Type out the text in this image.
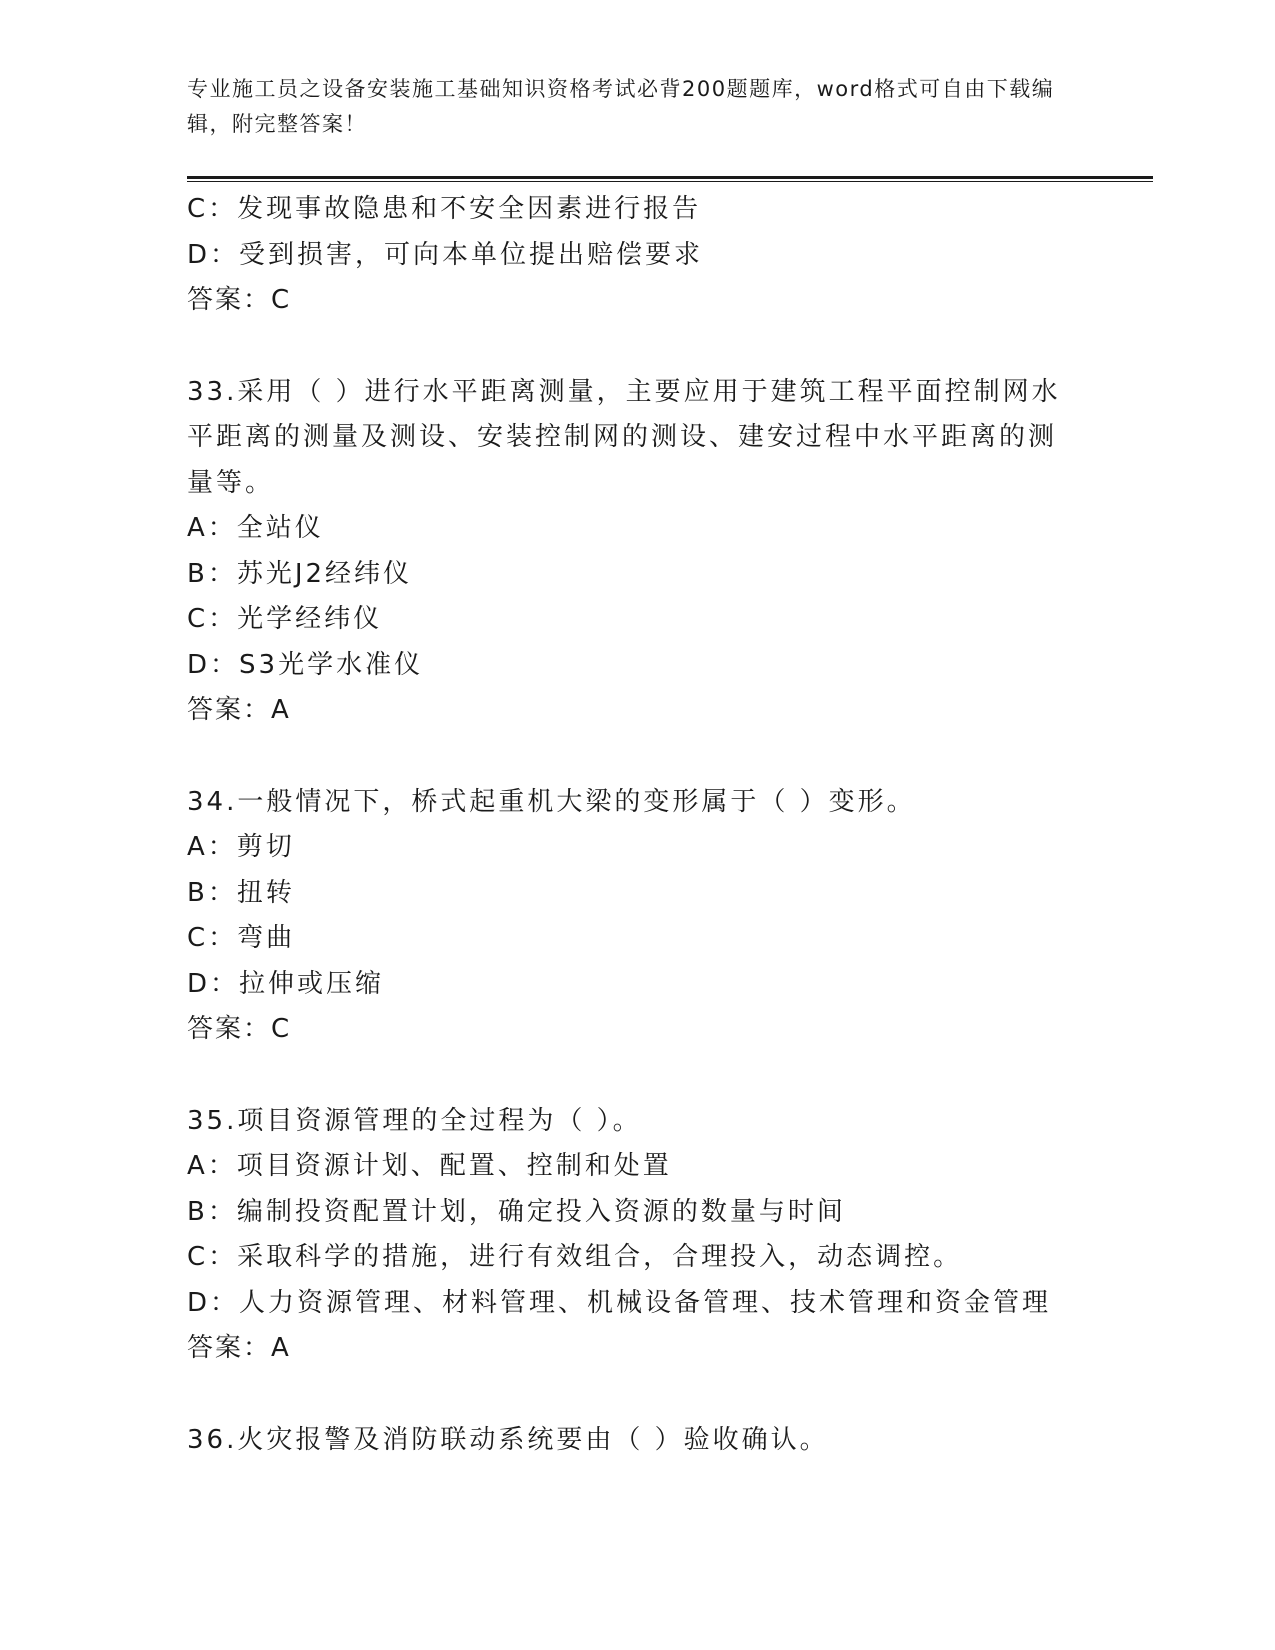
专业施工员之设备安装施工基础知识资格考试必背200题题库，word格式可自由下载编辑，附完整答案！
C：发现事故隐患和不安全因素进行报告
D：受到损害，可向本单位提出赔偿要求
答案：C
33.采用（ ）进行水平距离测量，主要应用于建筑工程平面控制网水平距离的测量及测设、安装控制网的测设、建安过程中水平距离的测量等。
A：全站仪
B：苏光J2经纬仪
C：光学经纬仪
D：S3光学水准仪
答案：A
34.一般情况下，桥式起重机大梁的变形属于（ ）变形。
A：剪切
B：扭转
C：弯曲
D：拉伸或压缩
答案：C
35.项目资源管理的全过程为（ ）。
A：项目资源计划、配置、控制和处置
B：编制投资配置计划，确定投入资源的数量与时间
C：采取科学的措施，进行有效组合，合理投入，动态调控。
D：人力资源管理、材料管理、机械设备管理、技术管理和资金管理
答案：A
36.火灾报警及消防联动系统要由（ ）验收确认。
